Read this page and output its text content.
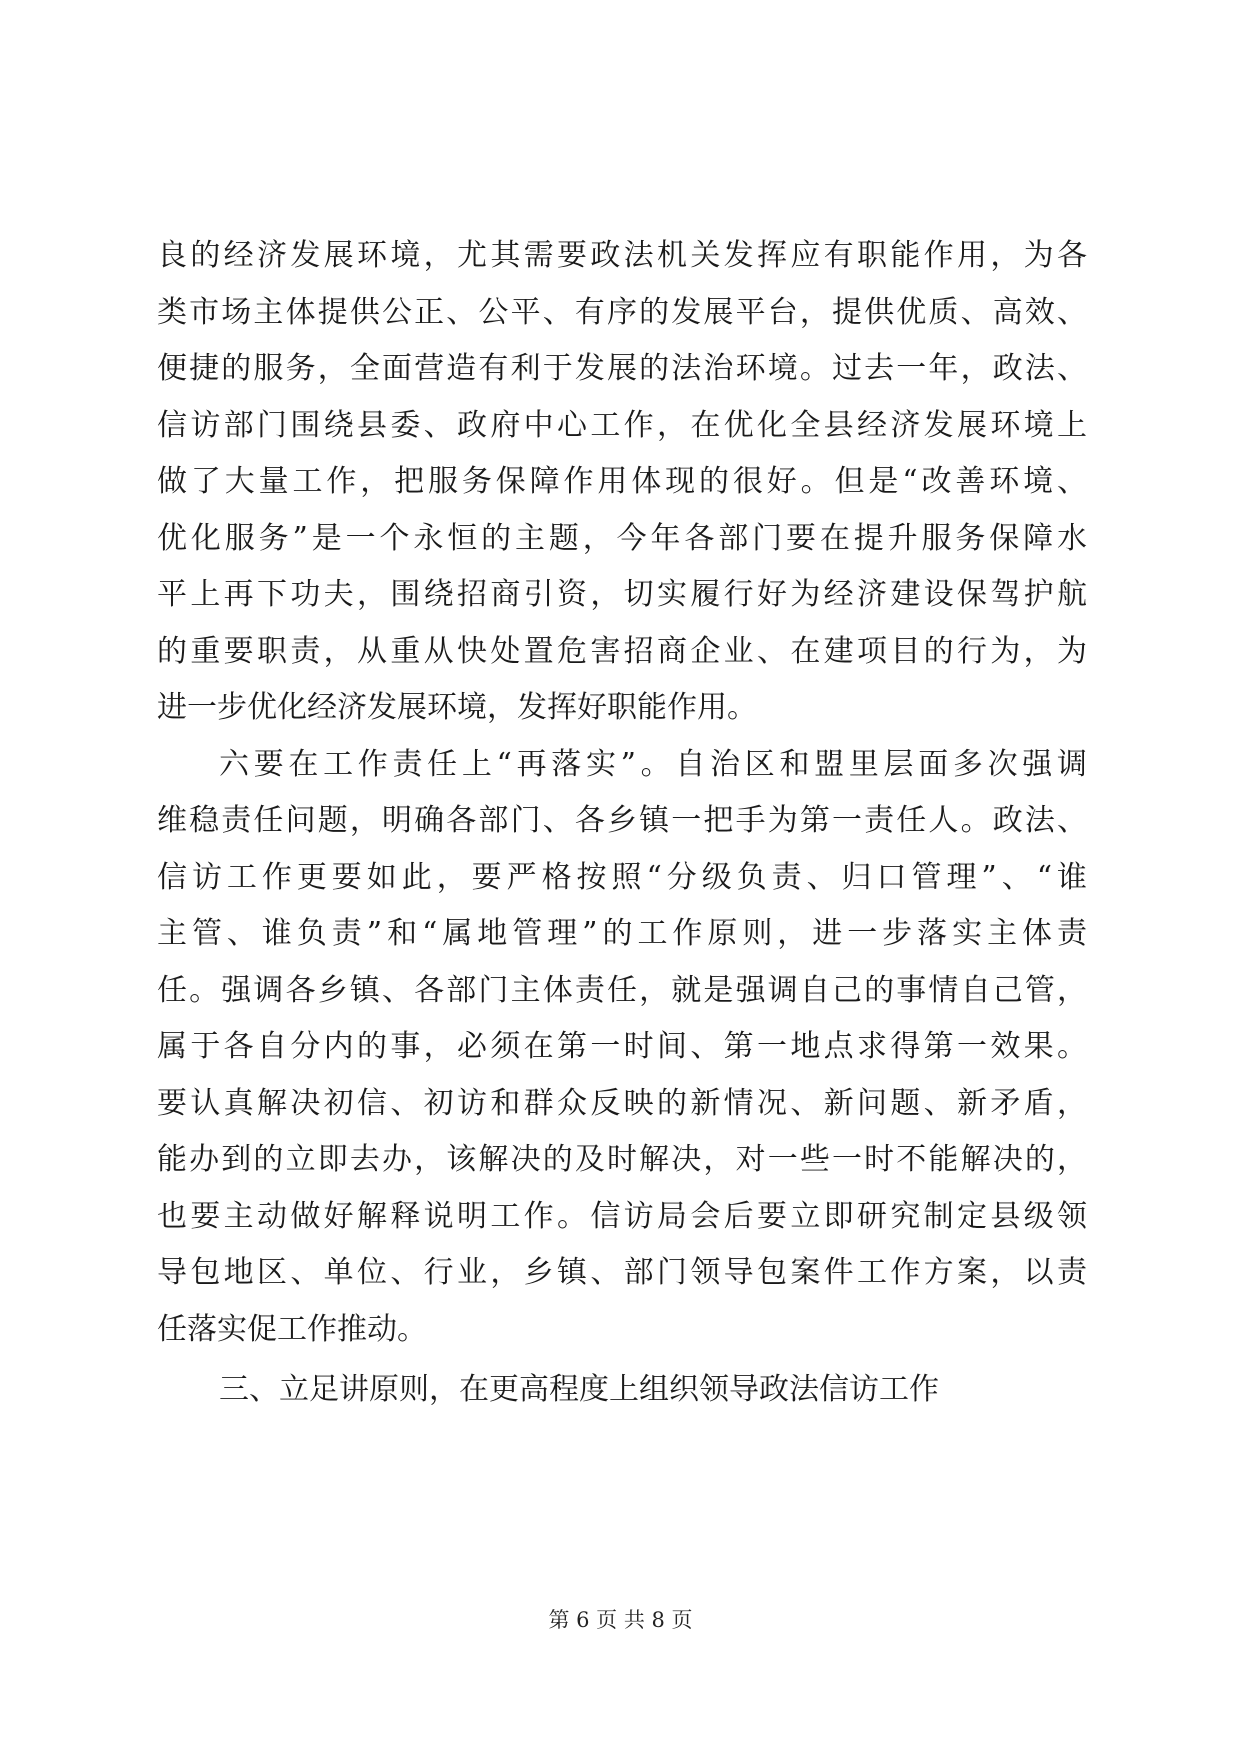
良的经济发展环境，尤其需要政法机关发挥应有职能作用，为各
类市场主体提供公正、公平、有序的发展平台，提供优质、高效、
便捷的服务，全面营造有利于发展的法治环境。过去一年，政法、
信访部门围绕县委、政府中心工作，在优化全县经济发展环境上
做了大量工作，把服务保障作用体现的很好。但是“改善环境、
优化服务”是一个永恒的主题，今年各部门要在提升服务保障水
平上再下功夫，围绕招商引资，切实履行好为经济建设保驾护航
的重要职责，从重从快处置危害招商企业、在建项目的行为，为
进一步优化经济发展环境，发挥好职能作用。
六要在工作责任上“再落实”。自治区和盟里层面多次强调
维稳责任问题，明确各部门、各乡镇一把手为第一责任人。政法、
信访工作更要如此，要严格按照“分级负责、归口管理”、“谁
主管、谁负责”和“属地管理”的工作原则，进一步落实主体责
任。强调各乡镇、各部门主体责任，就是强调自己的事情自己管，
属于各自分内的事，必须在第一时间、第一地点求得第一效果。
要认真解决初信、初访和群众反映的新情况、新问题、新矛盾，
能办到的立即去办，该解决的及时解决，对一些一时不能解决的，
也要主动做好解释说明工作。信访局会后要立即研究制定县级领
导包地区、单位、行业，乡镇、部门领导包案件工作方案，以责
任落实促工作推动。
三、立足讲原则，在更高程度上组织领导政法信访工作
第 6 页 共 8 页
